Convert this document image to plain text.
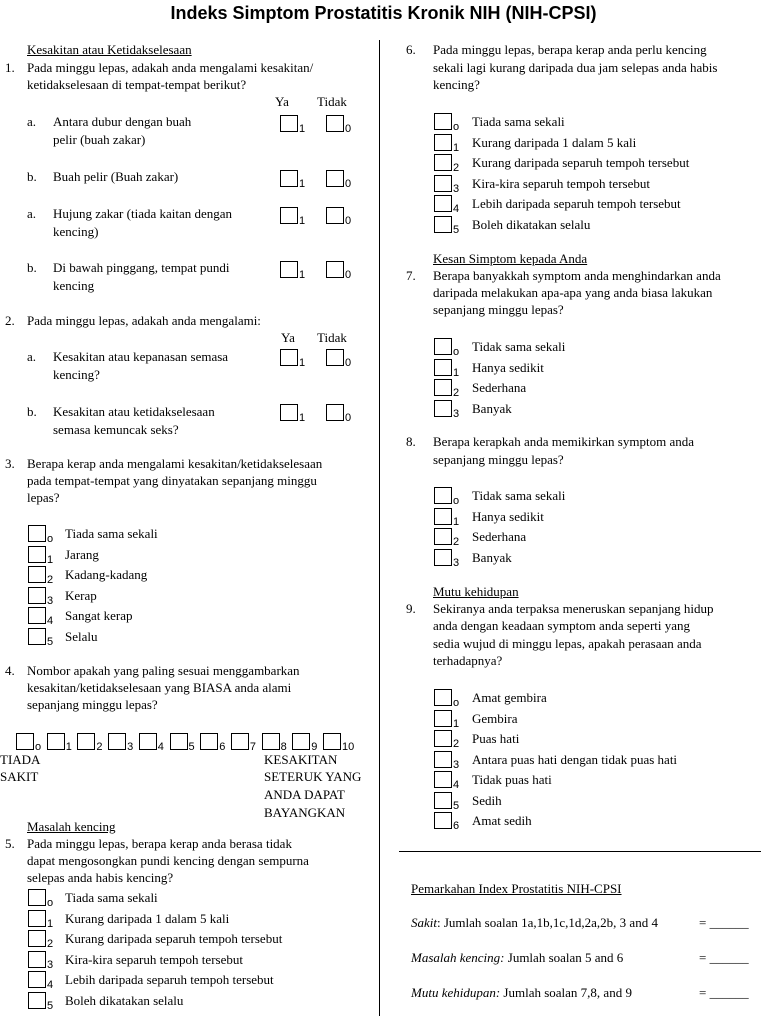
Indeks Simptom Prostatitis Kronik NIH (NIH-CPSI)
Kesakitan atau Ketidakselesaan
1. Pada minggu lepas, adakah anda mengalami kesakitan/
ketidakselesaan di tempat-tempat berikut?
Ya Tidak
a. Antara dubur dengan buah
pelir (buah zakar)
1	0
b. Buah pelir (Buah zakar)	1	0
a. Hujung zakar (tiada kaitan dengan
kencing)
1	0
b. Di bawah pinggang, tempat pundi
kencing
1	0
2. Pada minggu lepas, adakah anda mengalami:
Ya Tidak
a. Kesakitan atau kepanasan semasa
kencing?
1	0
b. Kesakitan atau ketidakselesaan
semasa kemuncak seks?
1	0
3. Berapa kerap anda mengalami kesakitan/ketidakselesaan
pada tempat-tempat yang dinyatakan sepanjang minggu
lepas?
o Tiada sama sekali
1 Jarang
2 Kadang-kadang
3 Kerap
4 Sangat kerap
5 Selalu
4. Nombor apakah yang paling sesuai menggambarkan
kesakitan/ketidakselesaan yang BIASA anda alami
sepanjang minggu lepas?
o 1 2 3 4 5 6 7 8 9 10
TIADA
SAKIT
KESAKITAN
SETERUK YANG
ANDA DAPAT
BAYANGKAN
Masalah kencing
5. Pada minggu lepas, berapa kerap anda berasa tidak
dapat mengosongkan pundi kencing dengan sempurna
selepas anda habis kencing?
o Tiada sama sekali
1 Kurang daripada 1 dalam 5 kali
2 Kurang daripada separuh tempoh tersebut
3 Kira-kira separuh tempoh tersebut
4 Lebih daripada separuh tempoh tersebut
5 Boleh dikatakan selalu
6. Pada minggu lepas, berapa kerap anda perlu kencing
sekali lagi kurang daripada dua jam selepas anda habis
kencing?
o Tiada sama sekali
1 Kurang daripada 1 dalam 5 kali
2 Kurang daripada separuh tempoh tersebut
3 Kira-kira separuh tempoh tersebut
4 Lebih daripada separuh tempoh tersebut
5 Boleh dikatakan selalu
Kesan Simptom kepada Anda
7. Berapa banyakkah symptom anda menghindarkan anda
daripada melakukan apa-apa yang anda biasa lakukan
sepanjang minggu lepas?
o Tidak sama sekali
1 Hanya sedikit
2 Sederhana
3 Banyak
8. Berapa kerapkah anda memikirkan symptom anda
sepanjang minggu lepas?
o Tidak sama sekali
1 Hanya sedikit
2 Sederhana
3 Banyak
Mutu kehidupan
9. Sekiranya anda terpaksa meneruskan sepanjang hidup
anda dengan keadaan symptom anda seperti yang
sedia wujud di minggu lepas, apakah perasaan anda
terhadapnya?
o Amat gembira
1 Gembira
2 Puas hati
3 Antara puas hati dengan tidak puas hati
4 Tidak puas hati
5 Sedih
6 Amat sedih
Pemarkahan Index Prostatitis NIH-CPSI
Sakit: Jumlah soalan 1a,1b,1c,1d,2a,2b, 3 and 4	= ______
Masalah kencing: Jumlah soalan 5 and 6	= ______
Mutu kehidupan: Jumlah soalan 7,8, and 9	= ______
